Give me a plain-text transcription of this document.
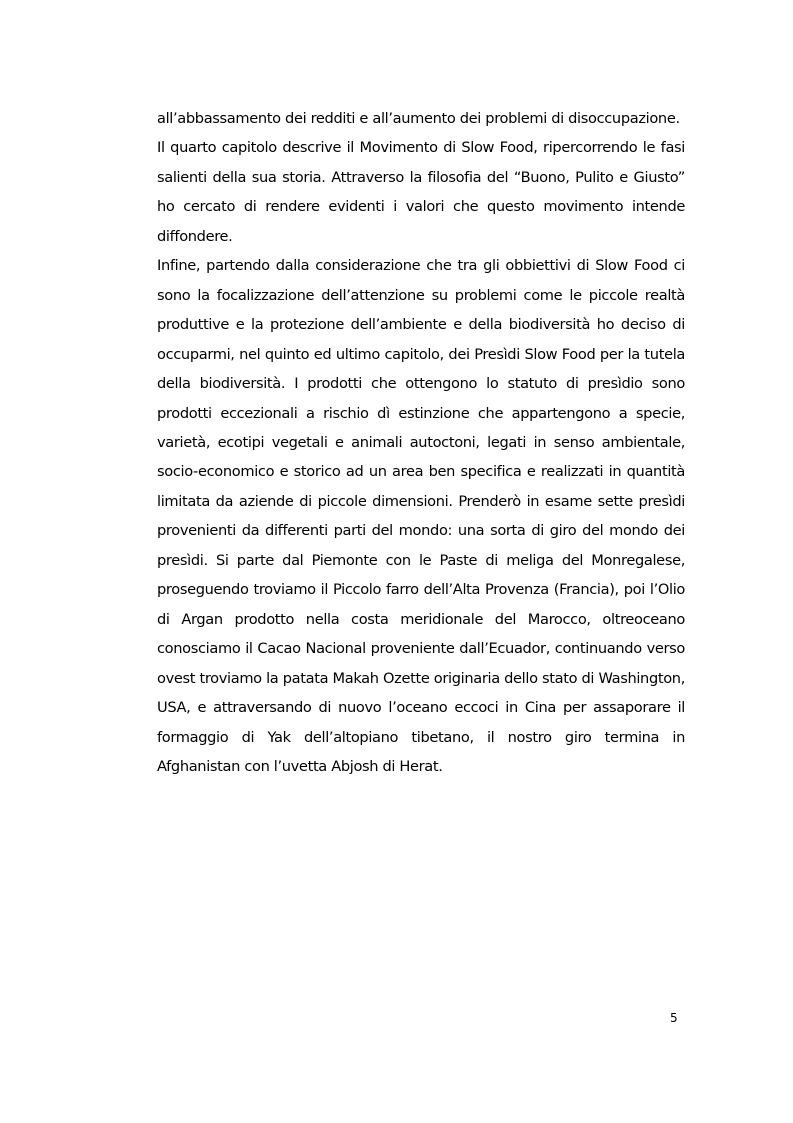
all’abbassamento dei redditi e all’aumento dei problemi di disoccupazione.

Il quarto capitolo descrive il Movimento di Slow Food, ripercorrendo le fasi salienti della sua storia. Attraverso la filosofia del “Buono, Pulito e Giusto” ho cercato di rendere evidenti i valori che questo movimento intende diffondere.

Infine, partendo dalla considerazione che tra gli obbiettivi di Slow Food ci sono la focalizzazione dell’attenzione su problemi come le piccole realtà produttive e la protezione dell’ambiente e della biodiversità ho deciso di occuparmi, nel quinto ed ultimo capitolo, dei Presìdi Slow Food per la tutela della biodiversità. I prodotti che ottengono lo statuto di presìdio sono prodotti eccezionali a rischio dì estinzione che appartengono a specie, varietà, ecotipi vegetali e animali autoctoni, legati in senso ambientale, socio-economico e storico ad un area ben specifica e realizzati in quantità limitata da aziende di piccole dimensioni. Prenderò in esame sette presìdi provenienti da differenti parti del mondo: una sorta di giro del mondo dei presìdi. Si parte dal Piemonte con le Paste di meliga del Monregalese, proseguendo troviamo il Piccolo farro dell’Alta Provenza (Francia), poi l’Olio di Argan prodotto nella costa meridionale del Marocco, oltreoceano conosciamo il Cacao Nacional proveniente dall’Ecuador, continuando verso ovest troviamo la patata Makah Ozette originaria dello stato di Washington, USA, e attraversando di nuovo l’oceano eccoci in Cina per assaporare il formaggio di Yak dell’altopiano tibetano, il nostro giro termina in Afghanistan con l’uvetta Abjosh di Herat.

5
